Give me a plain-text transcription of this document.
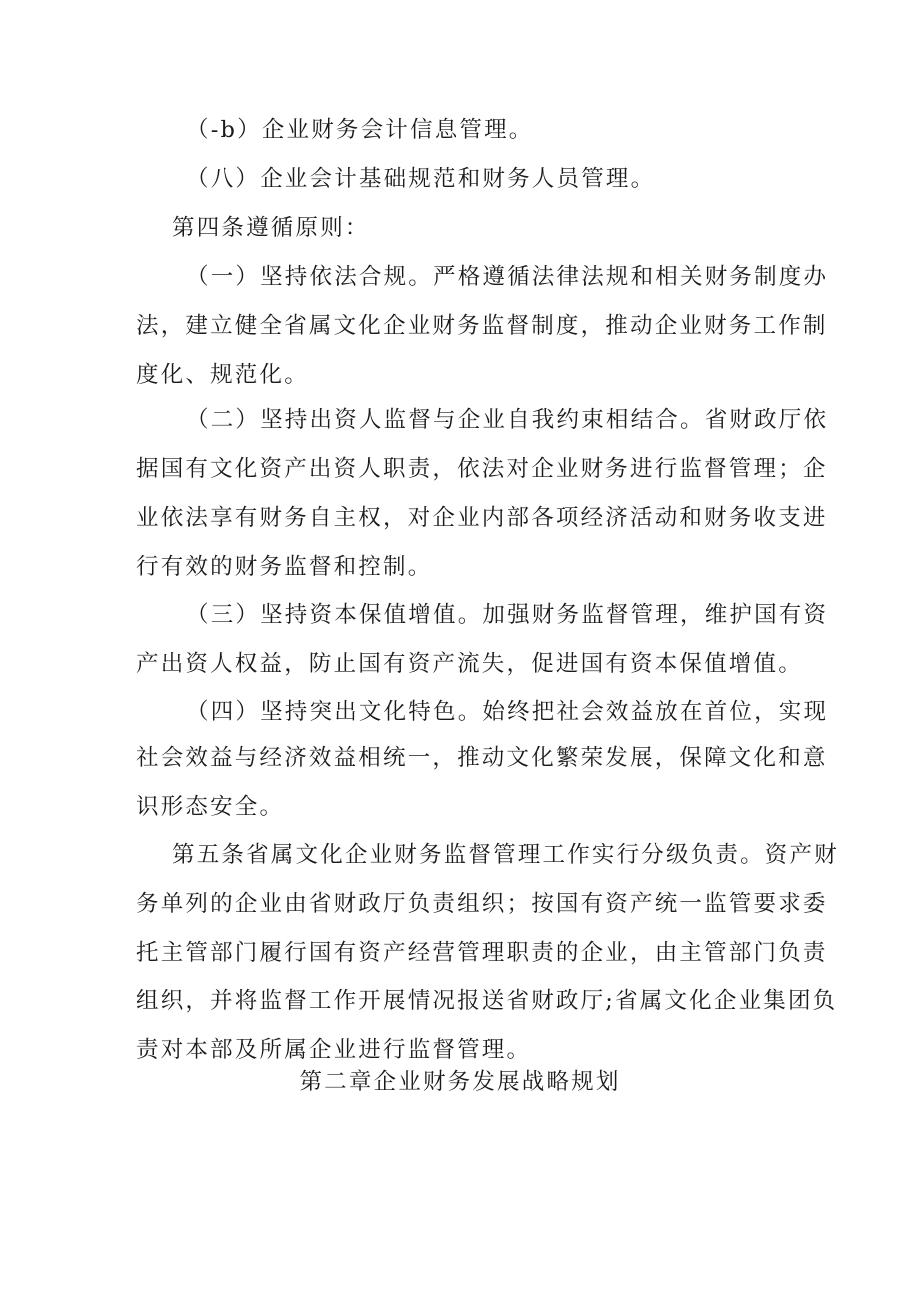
（-b）企业财务会计信息管理。
（八）企业会计基础规范和财务人员管理。
第四条遵循原则：
（一）坚持依法合规。严格遵循法律法规和相关财务制度办
法，建立健全省属文化企业财务监督制度，推动企业财务工作制
度化、规范化。
（二）坚持出资人监督与企业自我约束相结合。省财政厅依
据国有文化资产出资人职责，依法对企业财务进行监督管理；企
业依法享有财务自主权，对企业内部各项经济活动和财务收支进
行有效的财务监督和控制。
（三）坚持资本保值增值。加强财务监督管理，维护国有资
产出资人权益，防止国有资产流失，促进国有资本保值增值。
（四）坚持突出文化特色。始终把社会效益放在首位，实现
社会效益与经济效益相统一，推动文化繁荣发展，保障文化和意
识形态安全。
第五条省属文化企业财务监督管理工作实行分级负责。资产财
务单列的企业由省财政厅负责组织；按国有资产统一监管要求委
托主管部门履行国有资产经营管理职责的企业，由主管部门负责
组织，并将监督工作开展情况报送省财政厅;省属文化企业集团负
责对本部及所属企业进行监督管理。
第二章企业财务发展战略规划
